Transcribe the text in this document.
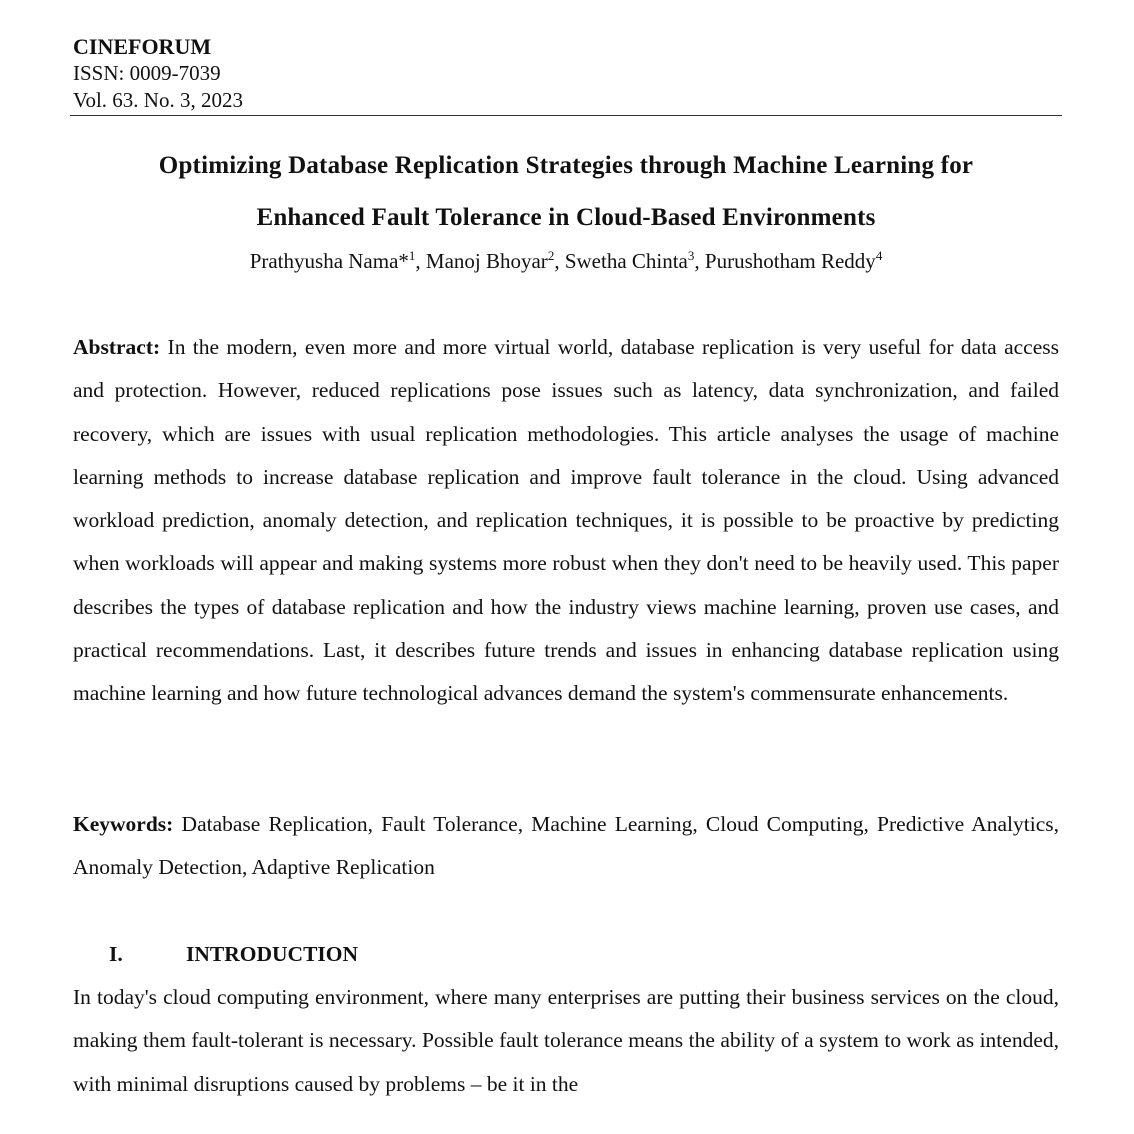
CINEFORUM
ISSN: 0009-7039
Vol. 63. No. 3, 2023
Optimizing Database Replication Strategies through Machine Learning for
Enhanced Fault Tolerance in Cloud-Based Environments
Prathyusha Nama*$^1$, Manoj Bhoyar$^2$, Swetha Chinta$^3$, Purushotham Reddy$^4$

Abstract: In the modern, even more and more virtual world, database replication is very useful for data access and protection. However, reduced replications pose issues such as latency, data synchronization, and failed recovery, which are issues with usual replication methodologies. This article analyses the usage of machine learning methods to increase database replication and improve fault tolerance in the cloud. Using advanced workload prediction, anomaly detection, and replication techniques, it is possible to be proactive by predicting when workloads will appear and making systems more robust when they don't need to be heavily used. This paper describes the types of database replication and how the industry views machine learning, proven use cases, and practical recommendations. Last, it describes future trends and issues in enhancing database replication using machine learning and how future technological advances demand the system's commensurate enhancements.

Keywords: Database Replication, Fault Tolerance, Machine Learning, Cloud Computing, Predictive Analytics, Anomaly Detection, Adaptive Replication

I.	INTRODUCTION

In today's cloud computing environment, where many enterprises are putting their business services on the cloud, making them fault-tolerant is necessary. Possible fault tolerance means the ability of a system to work as intended, with minimal disruptions caused by problems – be it in the
